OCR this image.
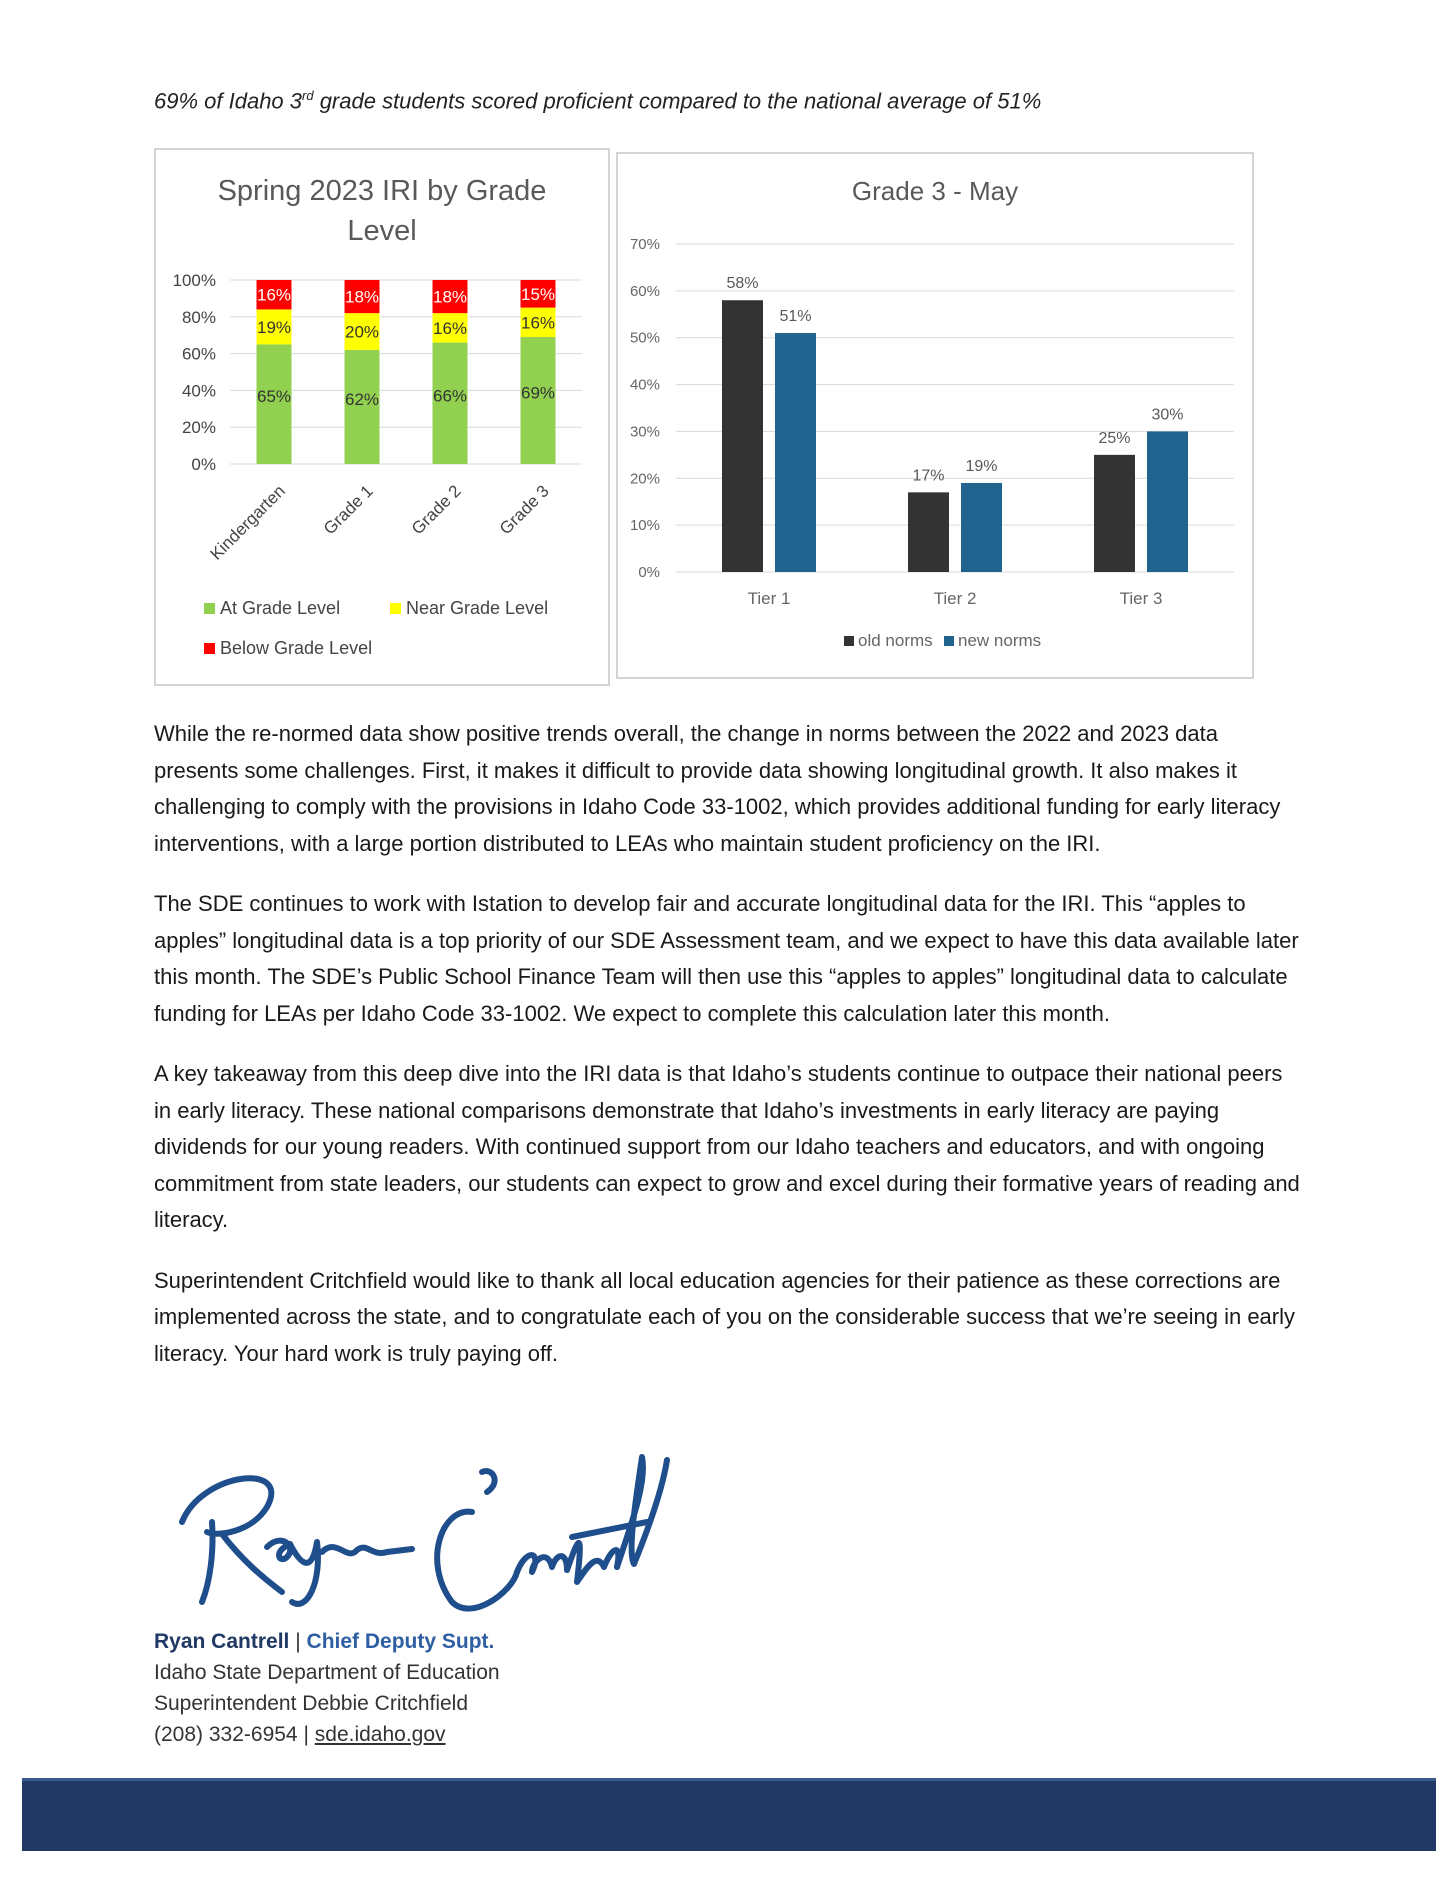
69% of Idaho 3rd grade students scored proficient compared to the national average of 51%

Spring 2023 IRI by Grade
Level
0%
20%
40%
60%
80%
100%
65%
19%
16%
Kindergarten
62%
20%
18%
Grade 1
66%
16%
18%
Grade 2
69%
16%
15%
Grade 3
At Grade Level	Near Grade Level
Below Grade Level
Grade 3 - May
0%
10%
20%
30%
40%
50%
60%
70%
58%
51%
Tier 1
17%
19%
Tier 2
25%
30%
Tier 3
old norms new norms

While the re-normed data show positive trends overall, the change in norms between the 2022 and 2023 data presents some challenges. First, it makes it difficult to provide data showing longitudinal growth. It also makes it challenging to comply with the provisions in Idaho Code 33-1002, which provides additional funding for early literacy interventions, with a large portion distributed to LEAs who maintain student proficiency on the IRI.

The SDE continues to work with Istation to develop fair and accurate longitudinal data for the IRI. This “apples to apples” longitudinal data is a top priority of our SDE Assessment team, and we expect to have this data available later this month. The SDE’s Public School Finance Team will then use this “apples to apples” longitudinal data to calculate funding for LEAs per Idaho Code 33-1002. We expect to complete this calculation later this month.

A key takeaway from this deep dive into the IRI data is that Idaho’s students continue to outpace their national peers in early literacy. These national comparisons demonstrate that Idaho’s investments in early literacy are paying dividends for our young readers. With continued support from our Idaho teachers and educators, and with ongoing commitment from state leaders, our students can expect to grow and excel during their formative years of reading and literacy.

Superintendent Critchfield would like to thank all local education agencies for their patience as these corrections are implemented across the state, and to congratulate each of you on the considerable success that we’re seeing in early literacy. Your hard work is truly paying off.

Ryan Cantrell | Chief Deputy Supt.
Idaho State Department of Education
Superintendent Debbie Critchfield
(208) 332-6954 | sde.idaho.gov
